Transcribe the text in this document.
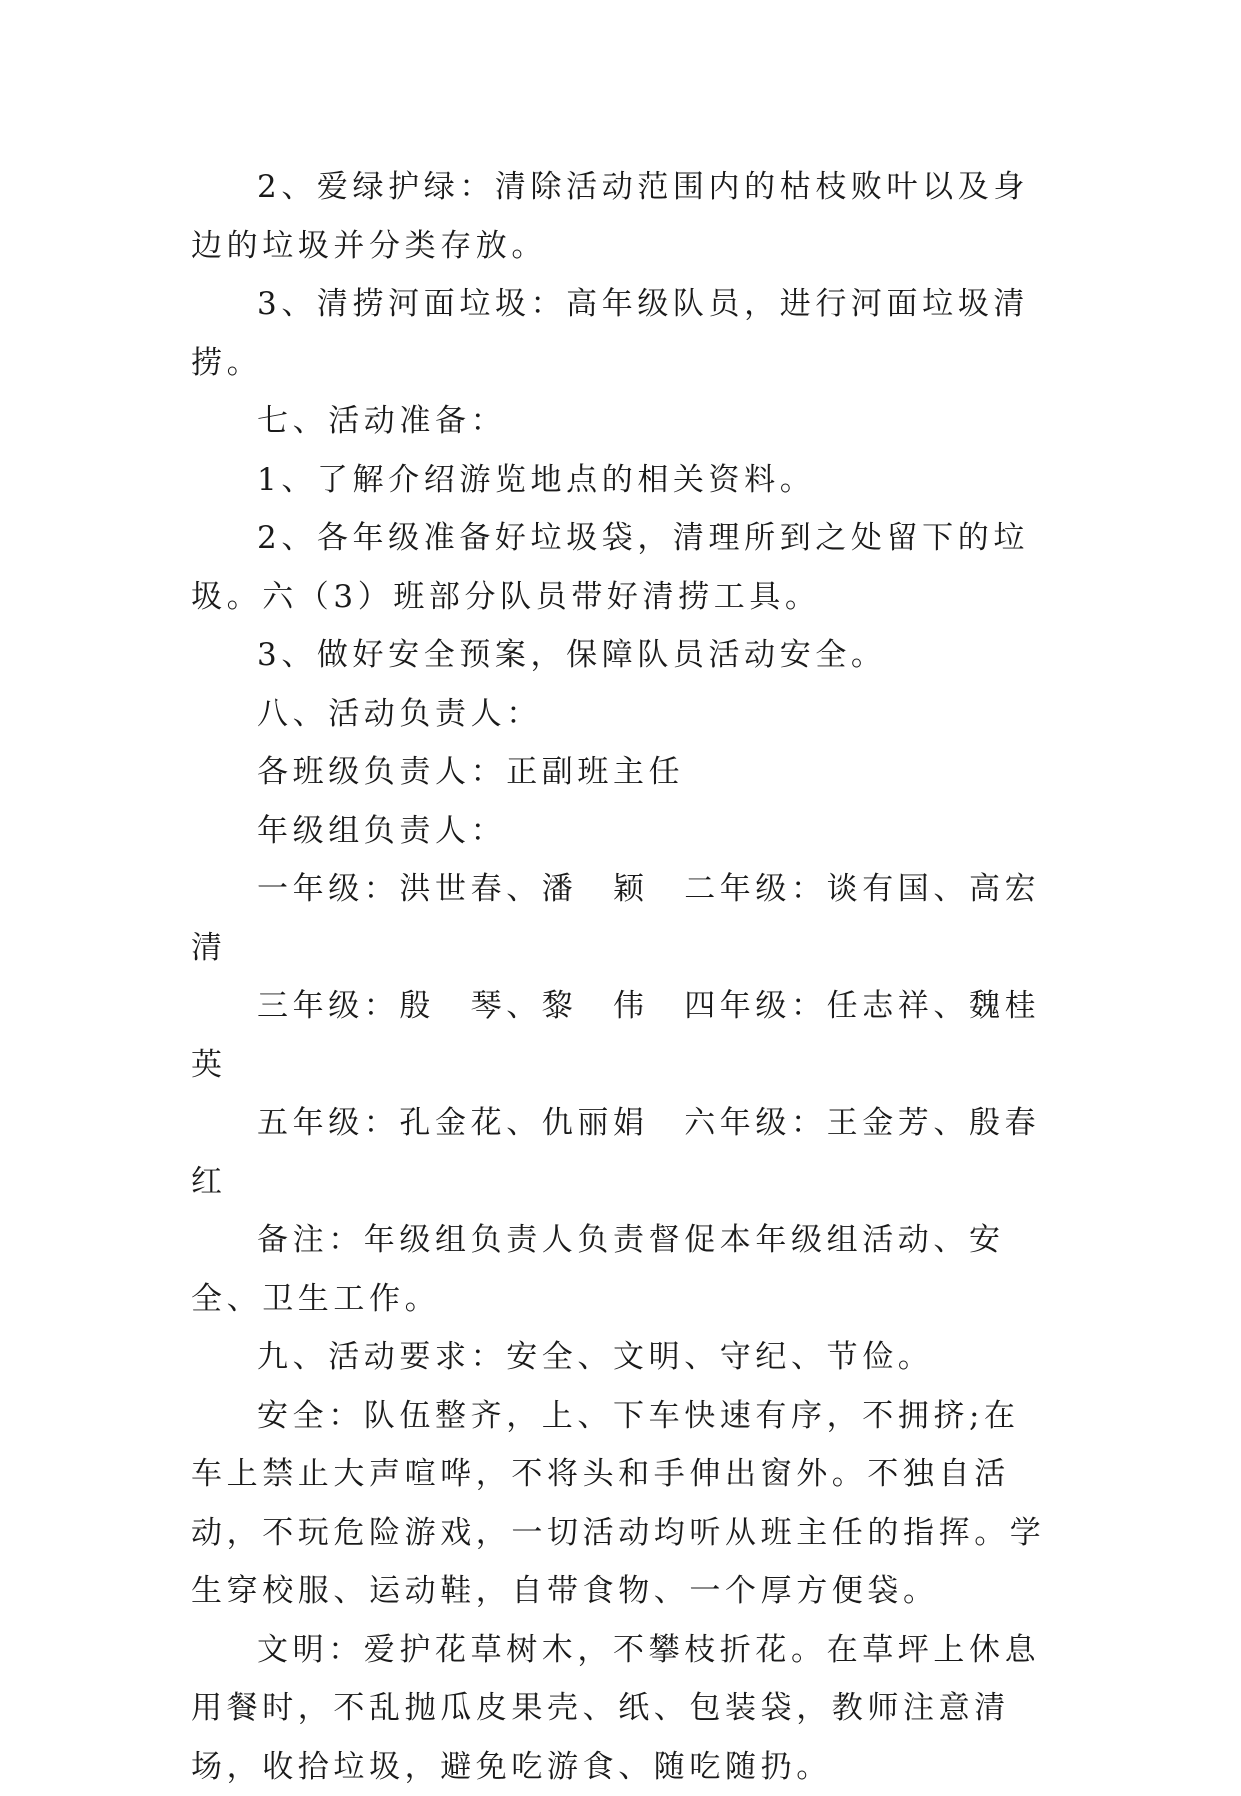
2、爱绿护绿：清除活动范围内的枯枝败叶以及身边的垃圾并分类存放。

3、清捞河面垃圾：高年级队员，进行河面垃圾清捞。

七、活动准备：

1、了解介绍游览地点的相关资料。

2、各年级准备好垃圾袋，清理所到之处留下的垃圾。六（3）班部分队员带好清捞工具。

3、做好安全预案，保障队员活动安全。

八、活动负责人：

各班级负责人：正副班主任

年级组负责人：

一年级：洪世春、潘　颖　二年级：谈有国、高宏清

三年级：殷　琴、黎　伟　四年级：任志祥、魏桂英

五年级：孔金花、仇丽娟　六年级：王金芳、殷春红

备注：年级组负责人负责督促本年级组活动、安全、卫生工作。

九、活动要求：安全、文明、守纪、节俭。

安全：队伍整齐，上、下车快速有序，不拥挤;在车上禁止大声喧哗，不将头和手伸出窗外。不独自活动，不玩危险游戏，一切活动均听从班主任的指挥。学生穿校服、运动鞋，自带食物、一个厚方便袋。

文明：爱护花草树木，不攀枝折花。在草坪上休息用餐时，不乱抛瓜皮果壳、纸、包装袋，教师注意清场，收拾垃圾，避免吃游食、随吃随扔。
